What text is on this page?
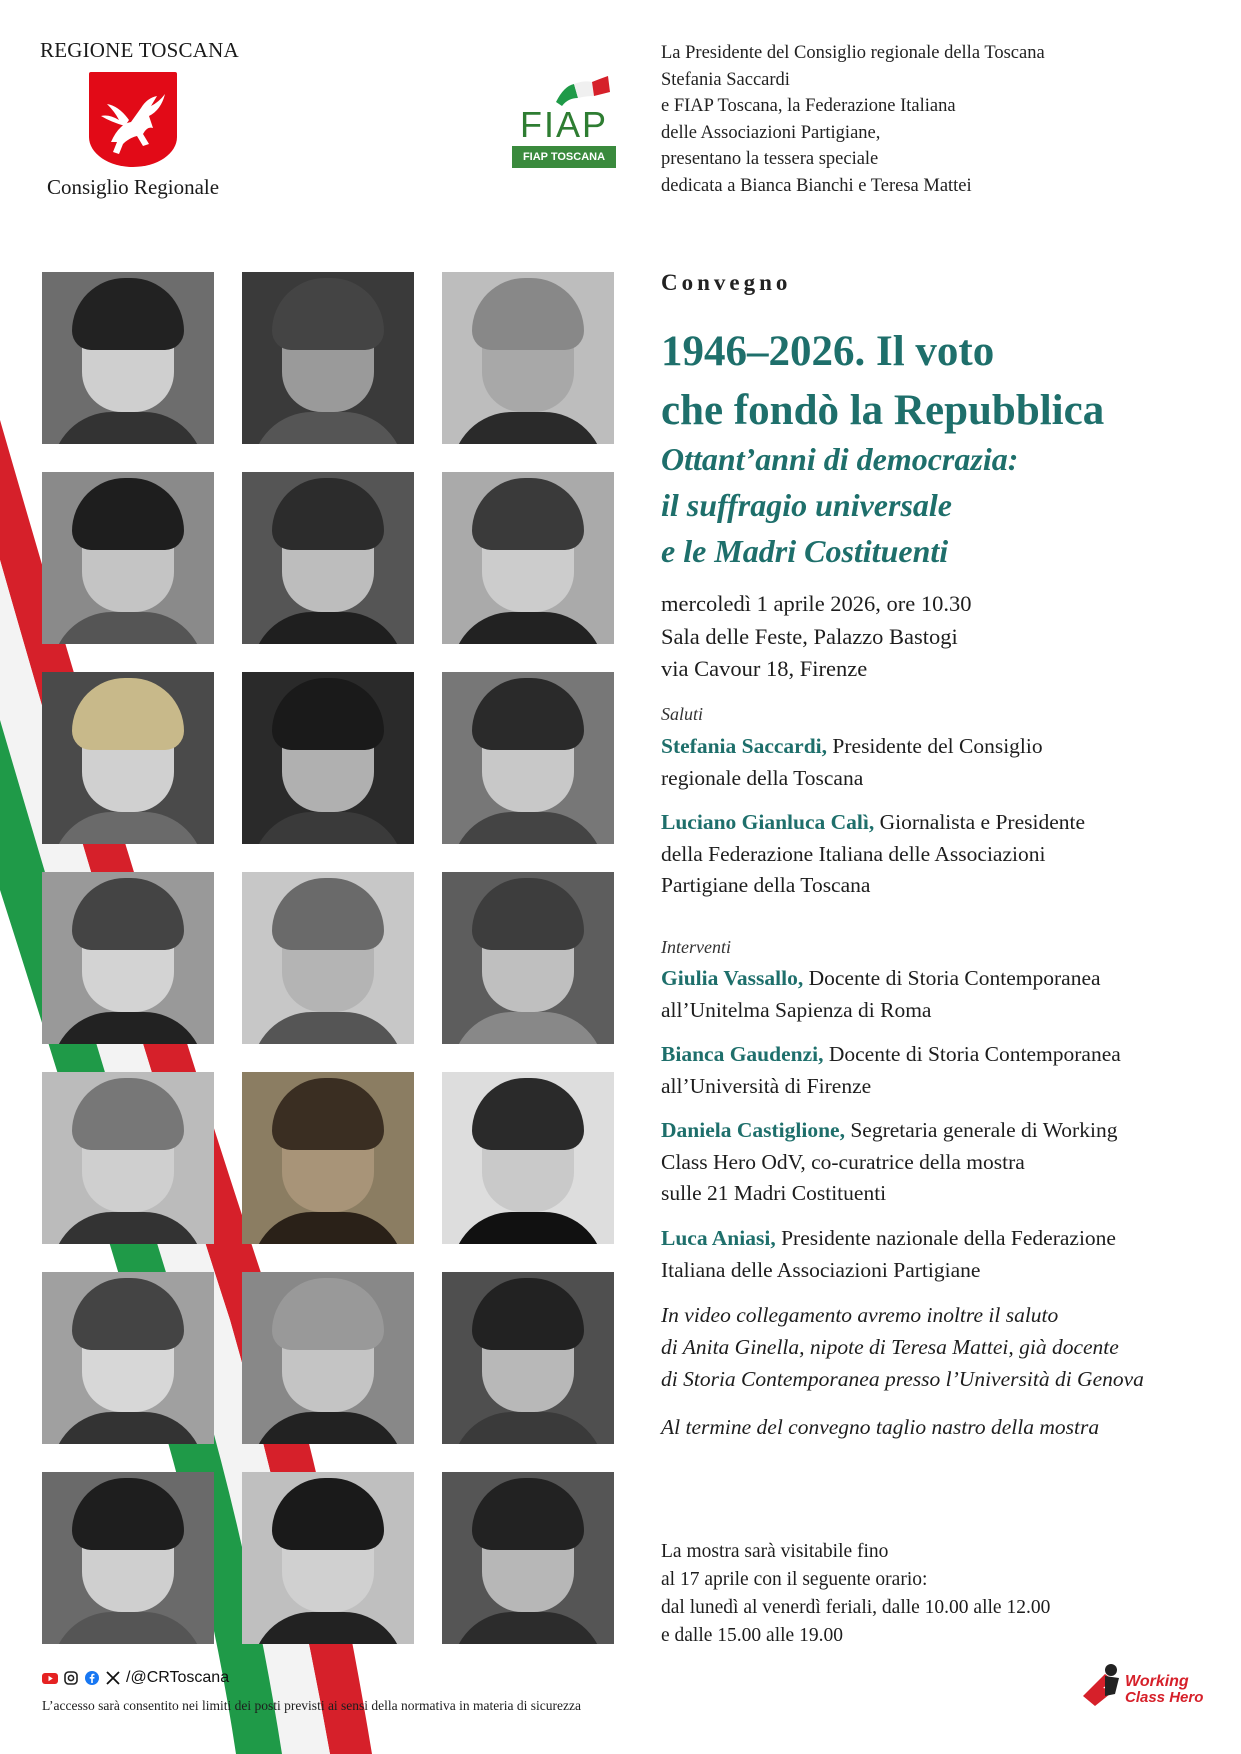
REGIONE TOSCANA
Consiglio Regionale
FIAP
FIAP TOSCANA
La Presidente del Consiglio regionale della Toscana
Stefania Saccardi
e FIAP Toscana, la Federazione Italiana
delle Associazioni Partigiane,
presentano la tessera speciale
dedicata a Bianca Bianchi e Teresa Mattei
Convegno
1946–2026. Il voto
che fondò la Repubblica
Ottant’anni di democrazia:
il suffragio universale
e le Madri Costituenti
mercoledì 1 aprile 2026, ore 10.30
Sala delle Feste, Palazzo Bastogi
via Cavour 18, Firenze
Saluti
Stefania Saccardi, Presidente del Consiglio
regionale della Toscana
Luciano Gianluca Calì, Giornalista e Presidente
della Federazione Italiana delle Associazioni
Partigiane della Toscana
Interventi
Giulia Vassallo, Docente di Storia Contemporanea
all’Unitelma Sapienza di Roma
Bianca Gaudenzi, Docente di Storia Contemporanea
all’Università di Firenze
Daniela Castiglione, Segretaria generale di Working
Class Hero OdV, co-curatrice della mostra
sulle 21 Madri Costituenti
Luca Aniasi, Presidente nazionale della Federazione
Italiana delle Associazioni Partigiane
In video collegamento avremo inoltre il saluto
di Anita Ginella, nipote di Teresa Mattei, già docente
di Storia Contemporanea presso l’Università di Genova
Al termine del convegno taglio nastro della mostra
La mostra sarà visitabile fino
al 17 aprile con il seguente orario:
dal lunedì al venerdì feriali, dalle 10.00 alle 12.00
e dalle 15.00 alle 19.00
/@CRToscana
L’accesso sarà consentito nei limiti dei posti previsti ai sensi della normativa in materia di sicurezza
Working
Class Hero
